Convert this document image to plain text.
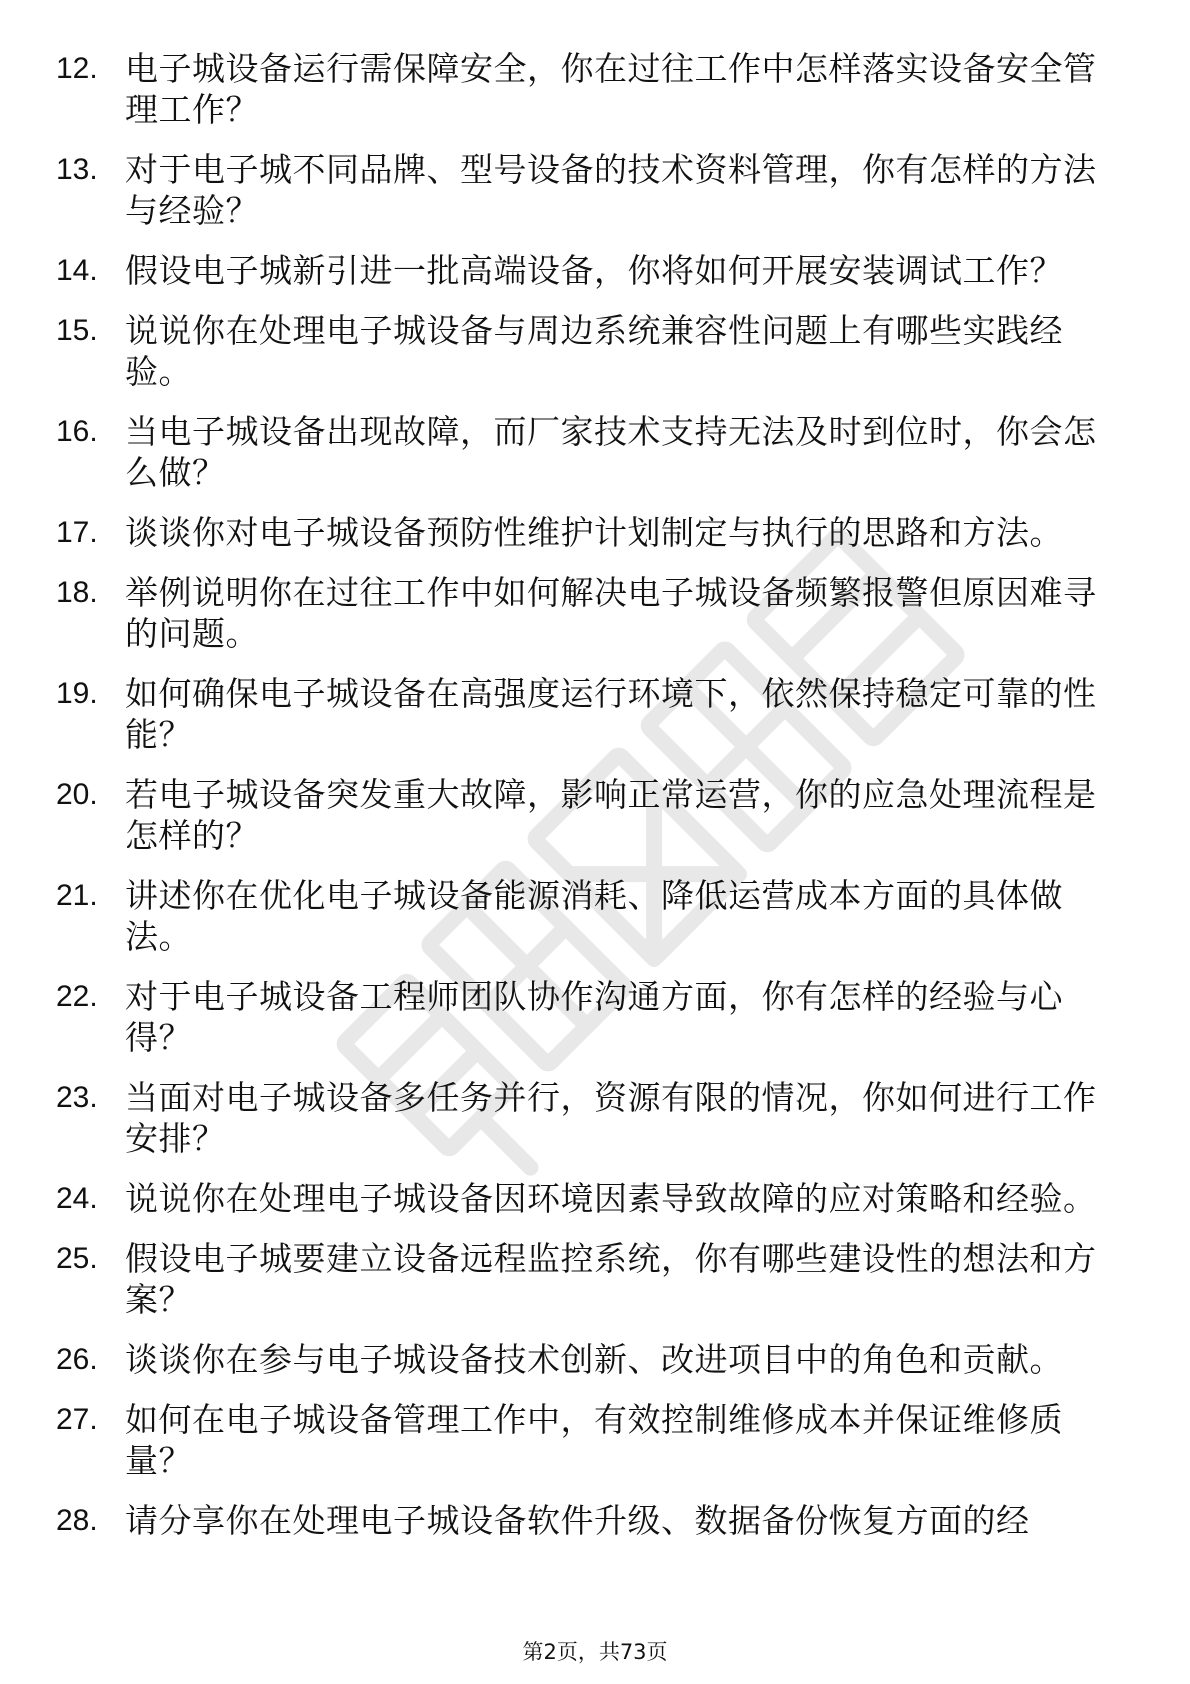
12. 电子城设备运行需保障安全，你在过往工作中怎样落实设备安全管理工作？
13. 对于电子城不同品牌、型号设备的技术资料管理，你有怎样的方法与经验？
14. 假设电子城新引进一批高端设备，你将如何开展安装调试工作？
15. 说说你在处理电子城设备与周边系统兼容性问题上有哪些实践经验。
16. 当电子城设备出现故障，而厂家技术支持无法及时到位时，你会怎么做？
17. 谈谈你对电子城设备预防性维护计划制定与执行的思路和方法。
18. 举例说明你在过往工作中如何解决电子城设备频繁报警但原因难寻的问题。
19. 如何确保电子城设备在高强度运行环境下，依然保持稳定可靠的性能？
20. 若电子城设备突发重大故障，影响正常运营，你的应急处理流程是怎样的？
21. 讲述你在优化电子城设备能源消耗、降低运营成本方面的具体做法。
22. 对于电子城设备工程师团队协作沟通方面，你有怎样的经验与心得？
23. 当面对电子城设备多任务并行，资源有限的情况，你如何进行工作安排？
24. 说说你在处理电子城设备因环境因素导致故障的应对策略和经验。
25. 假设电子城要建立设备远程监控系统，你有哪些建设性的想法和方案？
26. 谈谈你在参与电子城设备技术创新、改进项目中的角色和贡献。
27. 如何在电子城设备管理工作中，有效控制维修成本并保证维修质量？
28. 请分享你在处理电子城设备软件升级、数据备份恢复方面的经
第2页，共73页
